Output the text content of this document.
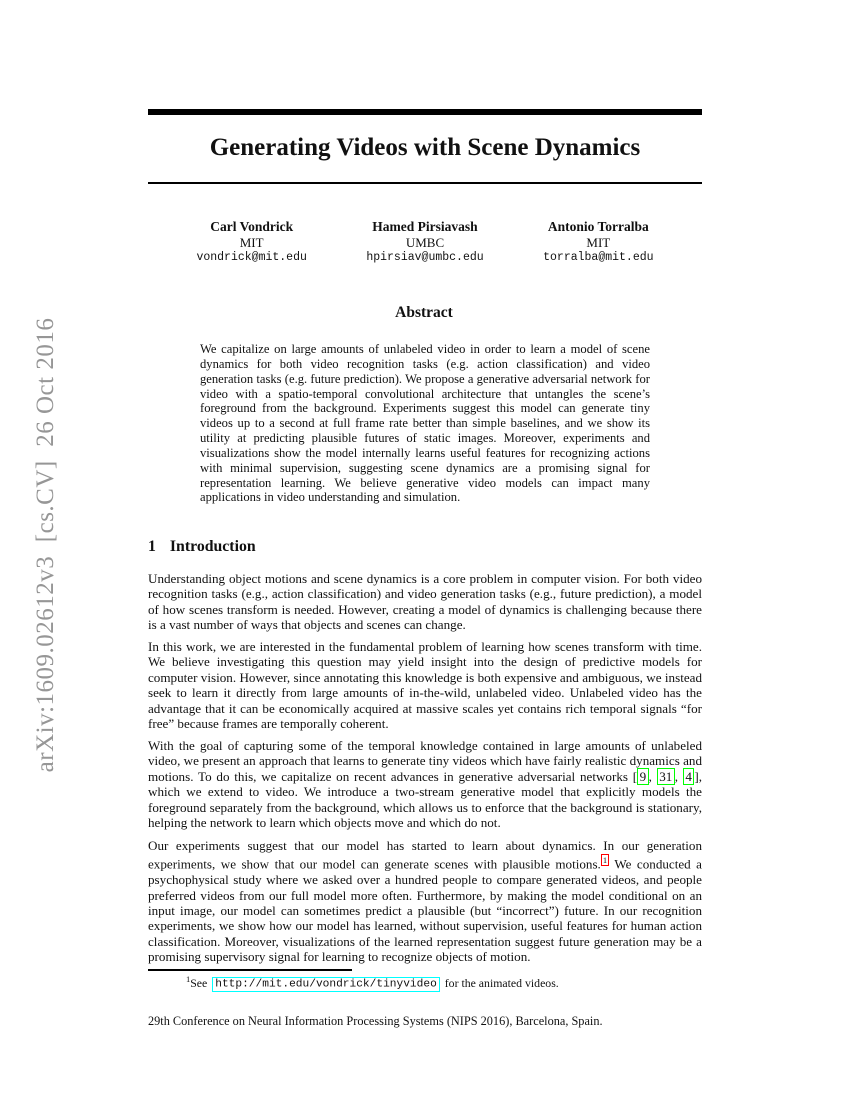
arXiv:1609.02612v3  [cs.CV]  26 Oct 2016
Generating Videos with Scene Dynamics
Carl Vondrick
MIT
vondrick@mit.edu
Hamed Pirsiavash
UMBC
hpirsiav@umbc.edu
Antonio Torralba
MIT
torralba@mit.edu
Abstract

We capitalize on large amounts of unlabeled video in order to learn a model of scene dynamics for both video recognition tasks (e.g. action classification) and video generation tasks (e.g. future prediction). We propose a generative adversarial network for video with a spatio-temporal convolutional architecture that untangles the scene’s foreground from the background. Experiments suggest this model can generate tiny videos up to a second at full frame rate better than simple baselines, and we show its utility at predicting plausible futures of static images. Moreover, experiments and visualizations show the model internally learns useful features for recognizing actions with minimal supervision, suggesting scene dynamics are a promising signal for representation learning. We believe generative video models can impact many applications in video understanding and simulation.

1 Introduction

Understanding object motions and scene dynamics is a core problem in computer vision. For both video recognition tasks (e.g., action classification) and video generation tasks (e.g., future prediction), a model of how scenes transform is needed. However, creating a model of dynamics is challenging because there is a vast number of ways that objects and scenes can change.

In this work, we are interested in the fundamental problem of learning how scenes transform with time. We believe investigating this question may yield insight into the design of predictive models for computer vision. However, since annotating this knowledge is both expensive and ambiguous, we instead seek to learn it directly from large amounts of in-the-wild, unlabeled video. Unlabeled video has the advantage that it can be economically acquired at massive scales yet contains rich temporal signals “for free” because frames are temporally coherent.

With the goal of capturing some of the temporal knowledge contained in large amounts of unlabeled video, we present an approach that learns to generate tiny videos which have fairly realistic dynamics and motions. To do this, we capitalize on recent advances in generative adversarial networks [ 9 , 31 , 4 ], which we extend to video. We introduce a two-stream generative model that explicitly models the foreground separately from the background, which allows us to enforce that the background is stationary, helping the network to learn which objects move and which do not.

Our experiments suggest that our model has started to learn about dynamics. In our generation experiments, we show that our model can generate scenes with plausible motions. $^1$ We conducted a psychophysical study where we asked over a hundred people to compare generated videos, and people preferred videos from our full model more often. Furthermore, by making the model conditional on an input image, our model can sometimes predict a plausible (but “incorrect”) future. In our recognition experiments, we show how our model has learned, without supervision, useful features for human action classification. Moreover, visualizations of the learned representation suggest future generation may be a promising supervisory signal for learning to recognize objects of motion.

$^1$See http://mit.edu/vondrick/tinyvideo for the animated videos.
29th Conference on Neural Information Processing Systems (NIPS 2016), Barcelona, Spain.
